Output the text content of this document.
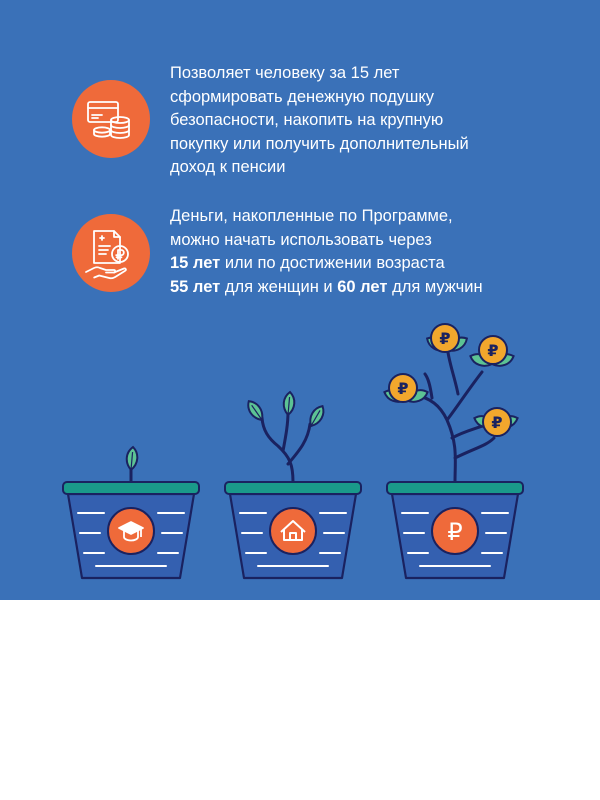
Позволяет человеку за 15 лет
сформировать денежную подушку
безопасности, накопить на крупную
покупку или получить дополнительный
доход к пенсии
Деньги, накопленные по Программе,
можно начать использовать через
15 лет или по достижении возраста
55 лет для женщин и 60 лет для мужчин
₽
₽
₽
₽
₽
